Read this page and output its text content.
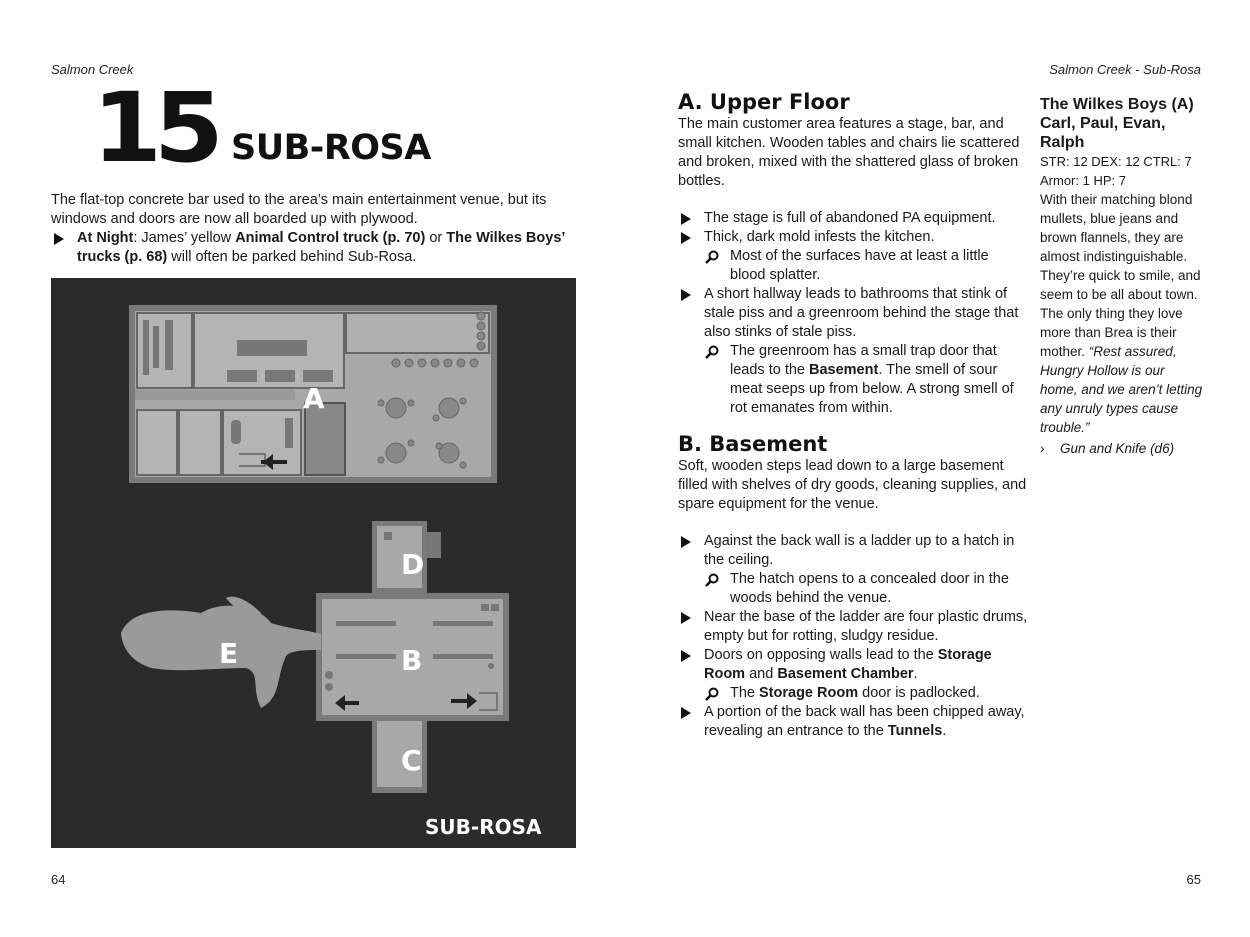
Salmon Creek
15 SUB-ROSA
The flat-top concrete bar used to the area’s main entertainment venue, but its windows and doors are now all boarded up with plywood.
At Night: James’ yellow Animal Control truck (p. 70) or The Wilkes Boys’ trucks (p. 68) will often be parked behind Sub-Rosa.
A
D
B
C
E
SUB-ROSA
64
Salmon Creek - Sub-Rosa
A. Upper Floor

The main customer area features a stage, bar, and small kitchen. Wooden tables and chairs lie scattered and broken, mixed with the shattered glass of broken bottles.

The stage is full of abandoned PA equipment.
Thick, dark mold infests the kitchen.
Most of the surfaces have at least a little blood splatter.
A short hallway leads to bathrooms that stink of stale piss and a greenroom behind the stage that also stinks of stale piss.
The greenroom has a small trap door that leads to the Basement. The smell of sour meat seeps up from below. A strong smell of rot emanates from within.
B. Basement

Soft, wooden steps lead down to a large basement filled with shelves of dry goods, cleaning supplies, and spare equipment for the venue.

Against the back wall is a ladder up to a hatch in the ceiling.
The hatch opens to a concealed door in the woods behind the venue.
Near the base of the ladder are four plastic drums, empty but for rotting, sludgy residue.
Doors on opposing walls lead to the Storage Room and Basement Chamber.
The Storage Room door is padlocked.
A portion of the back wall has been chipped away, revealing an entrance to the Tunnels.
The Wilkes Boys (A)
Carl, Paul, Evan, Ralph
STR: 12 DEX: 12 CTRL: 7
Armor: 1 HP: 7
With their matching blond mullets, blue jeans and brown flannels, they are almost indistinguishable. They’re quick to smile, and seem to be all about town. The only thing they love more than Brea is their mother. “Rest assured, Hungry Hollow is our home, and we aren’t letting any unruly types cause trouble.”
› Gun and Knife (d6)
65
